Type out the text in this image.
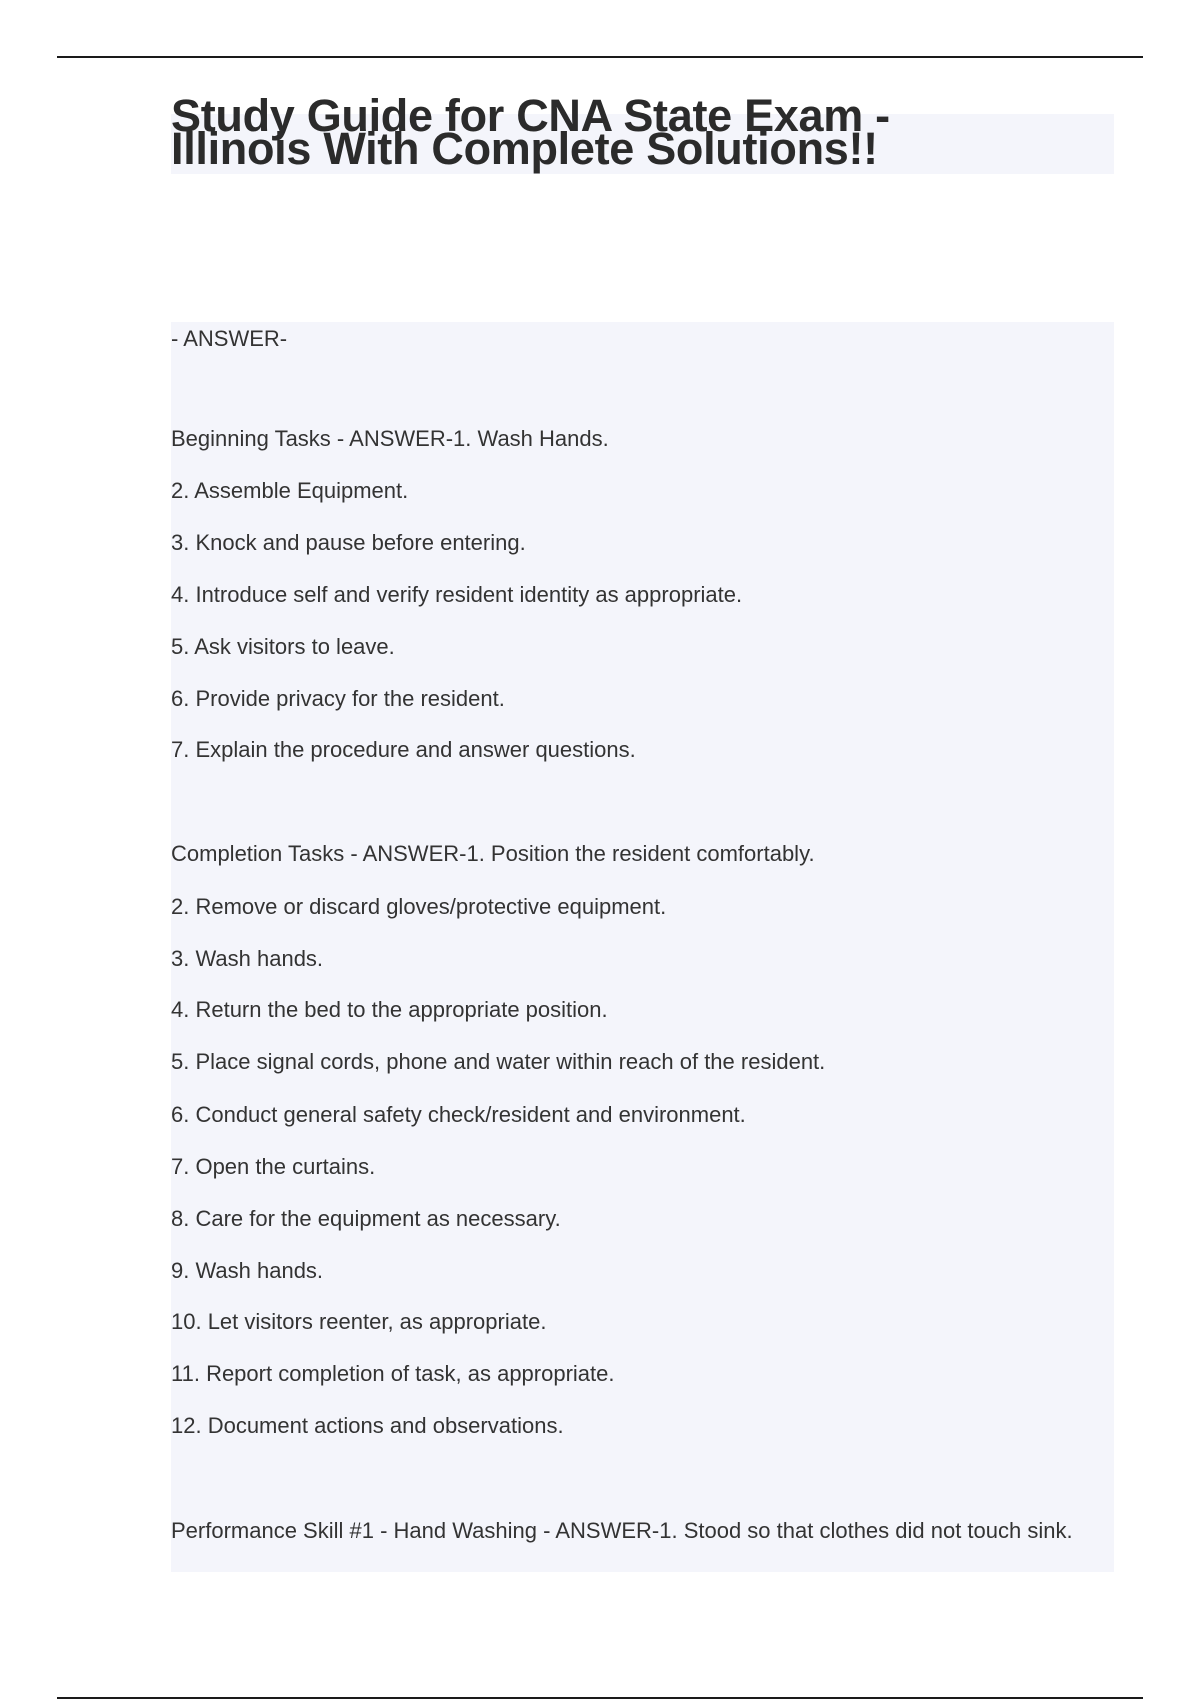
Study Guide for CNA State Exam - Illinois With Complete Solutions!!
- ANSWER-
Beginning Tasks - ANSWER-1. Wash Hands.
2. Assemble Equipment.
3. Knock and pause before entering.
4. Introduce self and verify resident identity as appropriate.
5. Ask visitors to leave.
6. Provide privacy for the resident.
7. Explain the procedure and answer questions.
Completion Tasks - ANSWER-1. Position the resident comfortably.
2. Remove or discard gloves/protective equipment.
3. Wash hands.
4. Return the bed to the appropriate position.
5. Place signal cords, phone and water within reach of the resident.
6. Conduct general safety check/resident and environment.
7. Open the curtains.
8. Care for the equipment as necessary.
9. Wash hands.
10. Let visitors reenter, as appropriate.
11. Report completion of task, as appropriate.
12. Document actions and observations.
Performance Skill #1 - Hand Washing - ANSWER-1. Stood so that clothes did not touch sink.
